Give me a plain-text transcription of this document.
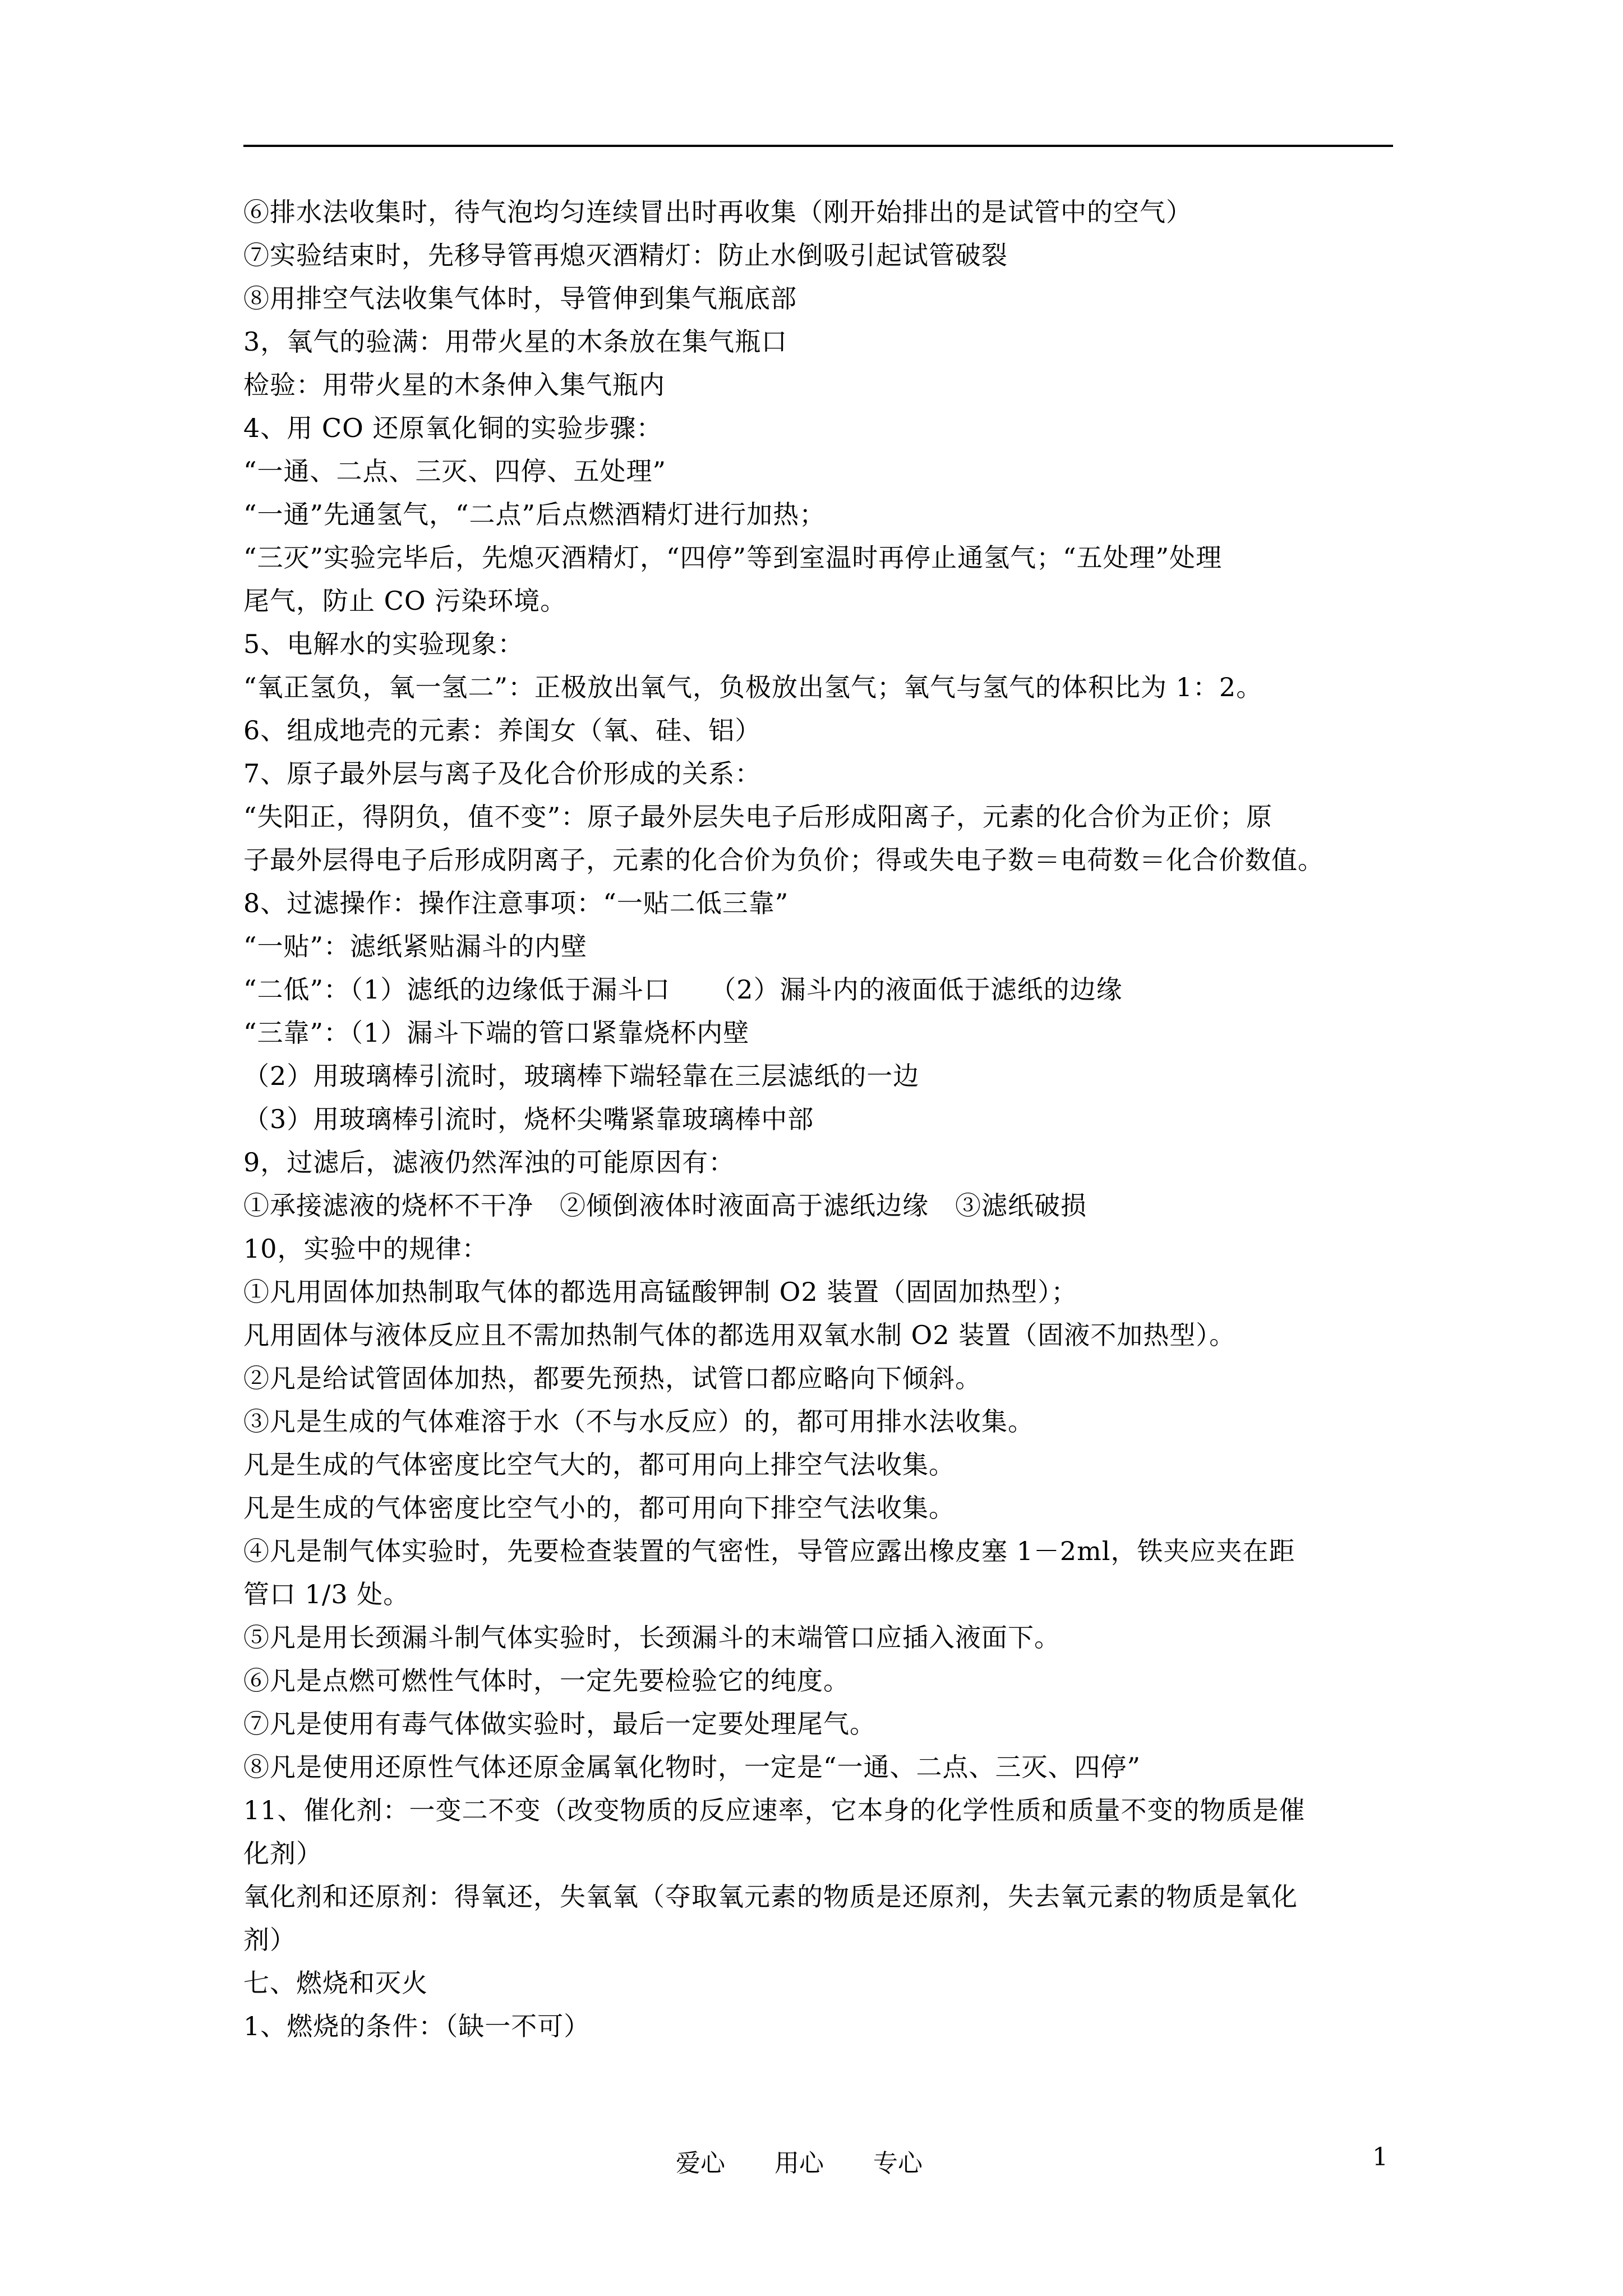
⑥排水法收集时，待气泡均匀连续冒出时再收集（刚开始排出的是试管中的空气）
⑦实验结束时，先移导管再熄灭酒精灯：防止水倒吸引起试管破裂
⑧用排空气法收集气体时，导管伸到集气瓶底部
3，氧气的验满：用带火星的木条放在集气瓶口
检验：用带火星的木条伸入集气瓶内
4、用 CO 还原氧化铜的实验步骤：
“一通、二点、三灭、四停、五处理”
“一通”先通氢气，“二点”后点燃酒精灯进行加热；
“三灭”实验完毕后，先熄灭酒精灯，“四停”等到室温时再停止通氢气；“五处理”处理
尾气，防止 CO 污染环境。
5、电解水的实验现象：
“氧正氢负，氧一氢二”：正极放出氧气，负极放出氢气；氧气与氢气的体积比为 1：2。
6、组成地壳的元素：养闺女（氧、硅、铝）
7、原子最外层与离子及化合价形成的关系：
“失阳正，得阴负，值不变”：原子最外层失电子后形成阳离子，元素的化合价为正价；原
子最外层得电子后形成阴离子，元素的化合价为负价；得或失电子数＝电荷数＝化合价数值。
8、过滤操作：操作注意事项：“一贴二低三靠”
“一贴”：滤纸紧贴漏斗的内壁
“二低”：（1）滤纸的边缘低于漏斗口　　（2）漏斗内的液面低于滤纸的边缘
“三靠”：（1）漏斗下端的管口紧靠烧杯内壁
（2）用玻璃棒引流时，玻璃棒下端轻靠在三层滤纸的一边
（3）用玻璃棒引流时，烧杯尖嘴紧靠玻璃棒中部
9，过滤后，滤液仍然浑浊的可能原因有：
①承接滤液的烧杯不干净　②倾倒液体时液面高于滤纸边缘　③滤纸破损
10，实验中的规律：
①凡用固体加热制取气体的都选用高锰酸钾制 O2 装置（固固加热型）；
凡用固体与液体反应且不需加热制气体的都选用双氧水制 O2 装置（固液不加热型）。
②凡是给试管固体加热，都要先预热，试管口都应略向下倾斜。
③凡是生成的气体难溶于水（不与水反应）的，都可用排水法收集。
凡是生成的气体密度比空气大的，都可用向上排空气法收集。
凡是生成的气体密度比空气小的，都可用向下排空气法收集。
④凡是制气体实验时，先要检查装置的气密性，导管应露出橡皮塞 1－2ml，铁夹应夹在距
管口 1/3 处。
⑤凡是用长颈漏斗制气体实验时，长颈漏斗的末端管口应插入液面下。
⑥凡是点燃可燃性气体时，一定先要检验它的纯度。
⑦凡是使用有毒气体做实验时，最后一定要处理尾气。
⑧凡是使用还原性气体还原金属氧化物时，一定是“一通、二点、三灭、四停”
11、催化剂：一变二不变（改变物质的反应速率，它本身的化学性质和质量不变的物质是催
化剂）
氧化剂和还原剂：得氧还，失氧氧（夺取氧元素的物质是还原剂，失去氧元素的物质是氧化
剂）
七、燃烧和灭火
1、燃烧的条件：（缺一不可）
爱心　　用心　　专心	1
